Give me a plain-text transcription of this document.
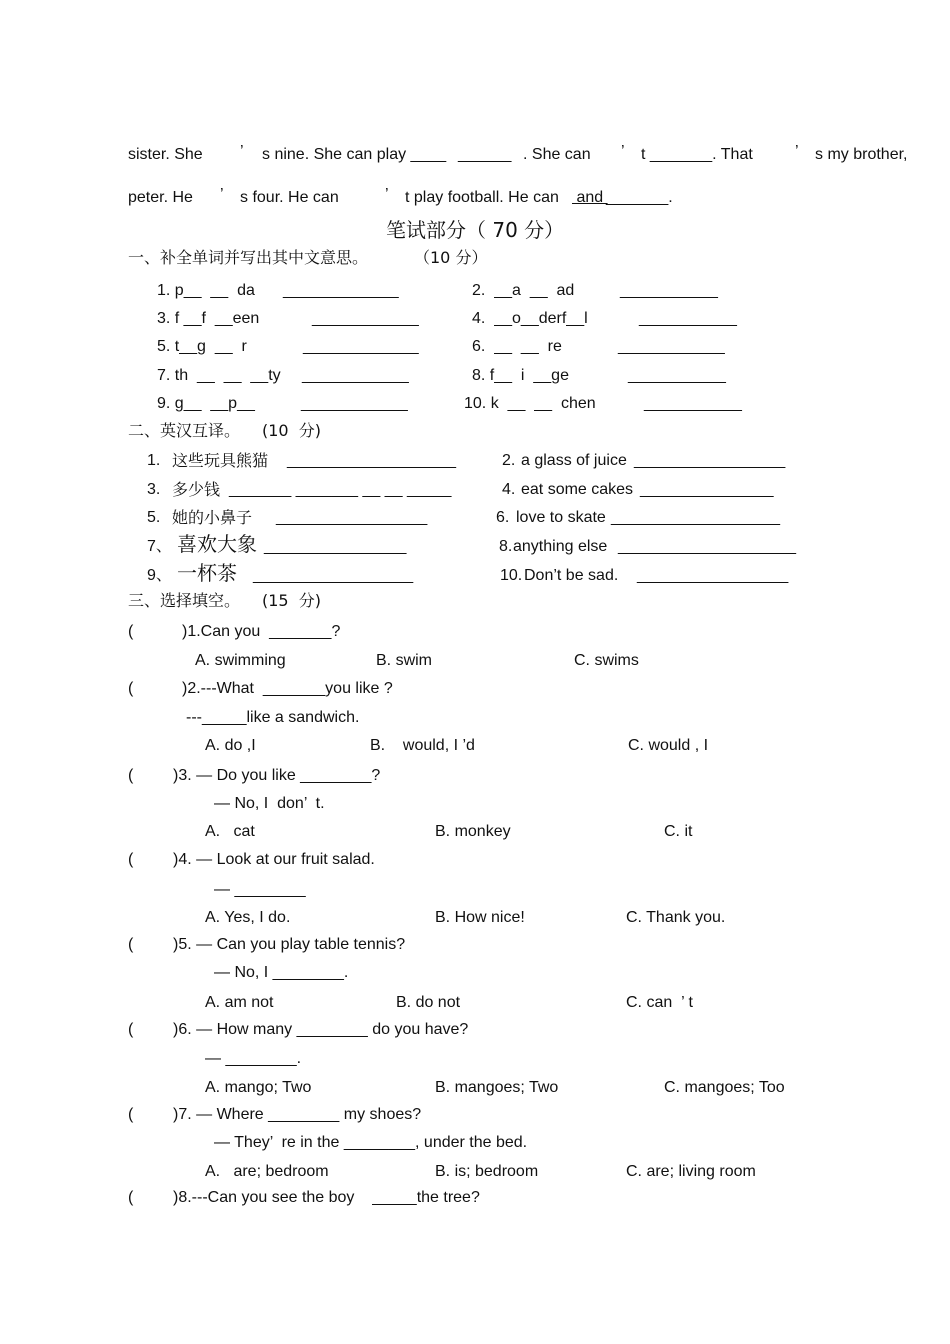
sister. She ’ s nine. She can play ____ ______ . She can ’ t _______. That	’ s my brother,
peter. He ’ s four. He can	’ t play football. He can and
_______.
笔试部分（ 70 分）
一、补全单词并写出其中文意思。	（10 分）
1. p__  __  da _____________	2.  __a  __  ad	___________
3. f __f  __een	____________	4.  __o__derf__l	___________
5. t__g  __  r	_____________	6.  __  __  re	____________
7. th  __  __  __ty ____________	8. f__  i  __ge	___________
9. g__  __p__	____________	10. k  __  __  chen	___________
二、英汉互译。 (10  分)
1. 这些玩具熊猫 ___________________	2. a glass of juice _________________
3. 多少钱 _______ _______ __ __ _____	4. eat some cakes _______________
5. 她的小鼻子 _________________	6. love to skate ___________________
7、 喜欢大象 ________________	8. anything else ____________________
9、 一杯茶 __________________	10. Don’t be sad. _________________
三、选择填空。 (15  分)
(	)1.Can you  _______?
A. swimming	B. swim	C. swims
(	)2.---What  _______you like ?
---_____like a sandwich.
A. do ,I	B.    would, I ’d	C. would , I
( )3. — Do you like ________?
— No, I  don’  t.
A.   cat	B. monkey	C. it
( )4. — Look at our fruit salad.
— ________
A. Yes, I do.	B. How nice!	C. Thank you.
( )5. — Can you play table tennis?
— No, I ________.
A. am not	B. do not	C. can  ’ t
( )6. — How many ________ do you have?
— ________.
A. mango; Two	B. mangoes; Two	C. mangoes; Too
( )7. — Where ________ my shoes?
— They’  re in the ________, under the bed.
A.   are; bedroom	B. is; bedroom	C. are; living room
( )8.---Can you see the boy    _____the tree?
